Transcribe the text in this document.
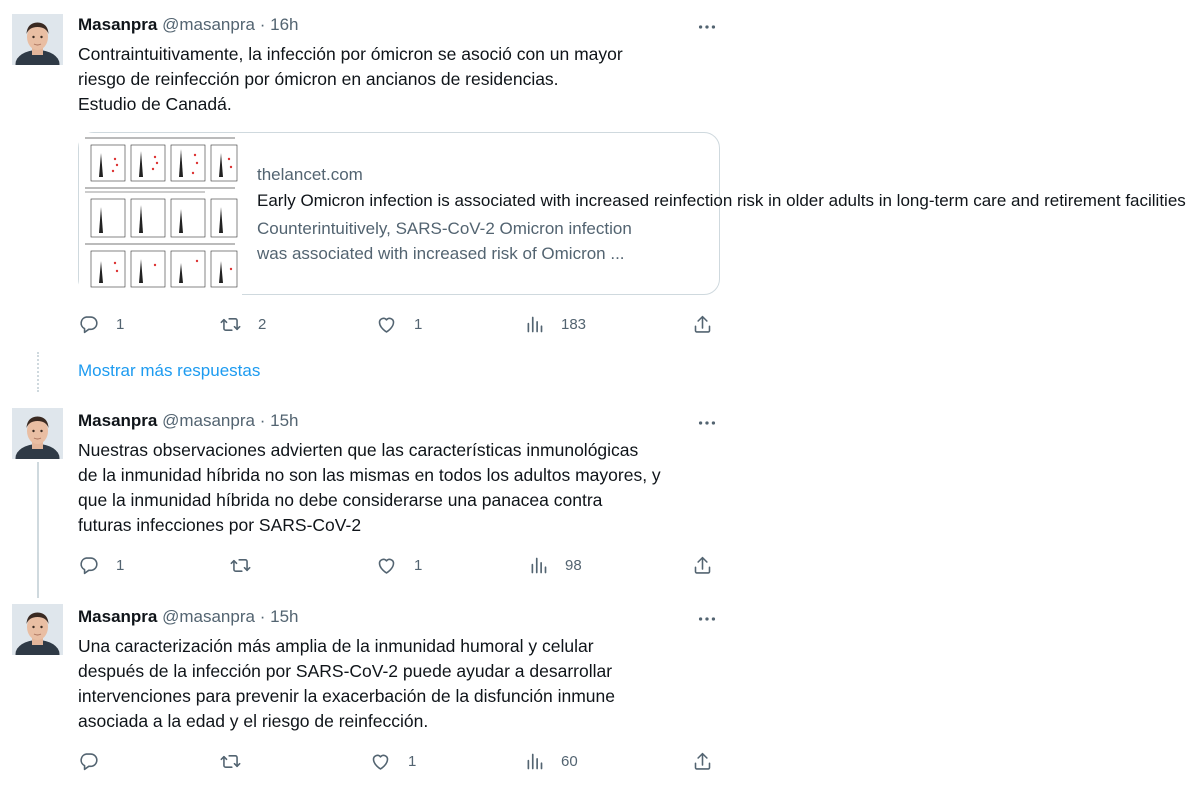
Masanpra @masanpra · 16h

Contraintuitivamente, la infección por ómicron se asoció con un mayor

riesgo de reinfección por ómicron en ancianos de residencias.

Estudio de Canadá.

thelancet.com
Early Omicron infection is associated with increased reinfection risk in older adults in long-term care and retirement facilities
Counterintuitively, SARS-CoV-2 Omicron infection
was associated with increased risk of Omicron ...
1	2	1	183
Mostrar más respuestas
Masanpra @masanpra · 15h

Nuestras observaciones advierten que las características inmunológicas

de la inmunidad híbrida no son las mismas en todos los adultos mayores, y

que la inmunidad híbrida no debe considerarse una panacea contra

futuras infecciones por SARS-CoV-2

1	1	98
Masanpra @masanpra · 15h

Una caracterización más amplia de la inmunidad humoral y celular

después de la infección por SARS-CoV-2 puede ayudar a desarrollar

intervenciones para prevenir la exacerbación de la disfunción inmune

asociada a la edad y el riesgo de reinfección.

1	60
